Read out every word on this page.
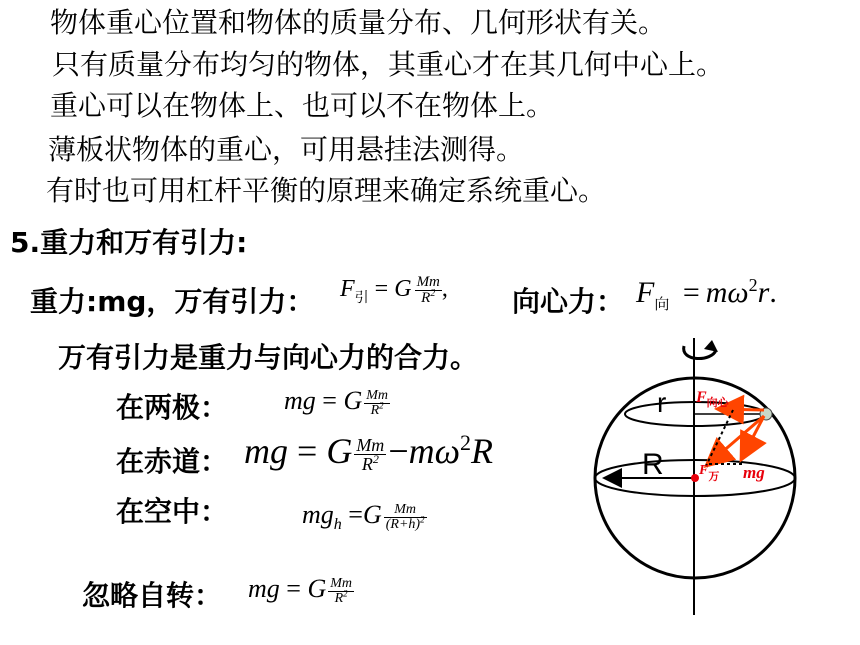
物体重心位置和物体的质量分布、几何形状有关。
只有质量分布均匀的物体，其重心才在其几何中心上。
重心可以在物体上、也可以不在物体上。
薄板状物体的重心，可用悬挂法测得。
有时也可用杠杆平衡的原理来确定系统重心。
5.重力和万有引力:
重力:mg，万有引力： $F_引 = G \frac{Mm}{R^2}$ , 向心力： $F_向 = m\omega^2r$.
万有引力是重力与向心力的合力。
在两极： mg = G $\frac{Mm}{R^2}$
在赤道： mg = G $\frac{Mm}{R^2} -m\omega^2R$
在空中：	$mg_h =G \frac{Mm}{(R+h)^2}$
忽略自转： mg = G $\frac{Mm}{R^2}$
r
R
$F_{向心}$
$F_万$ mg
